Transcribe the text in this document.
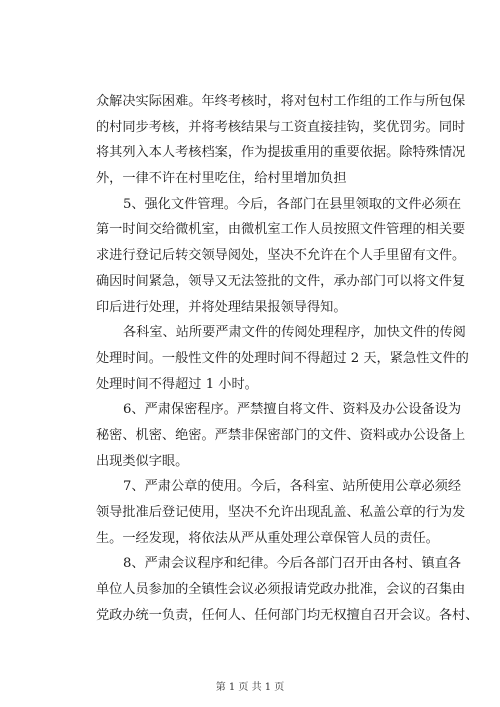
众解决实际困难。年终考核时，将对包村工作组的工作与所包保
的村同步考核，并将考核结果与工资直接挂钩，奖优罚劣。同时
将其列入本人考核档案，作为提拔重用的重要依据。除特殊情况
外，一律不许在村里吃住，给村里增加负担
5、强化文件管理。今后，各部门在县里领取的文件必须在
第一时间交给微机室，由微机室工作人员按照文件管理的相关要
求进行登记后转交领导阅处，坚决不允许在个人手里留有文件。
确因时间紧急，领导又无法签批的文件，承办部门可以将文件复
印后进行处理，并将处理结果报领导得知。
各科室、站所要严肃文件的传阅处理程序，加快文件的传阅
处理时间。一般性文件的处理时间不得超过 2 天，紧急性文件的
处理时间不得超过 1 小时。
6、严肃保密程序。严禁擅自将文件、资料及办公设备设为
秘密、机密、绝密。严禁非保密部门的文件、资料或办公设备上
出现类似字眼。
7、严肃公章的使用。今后，各科室、站所使用公章必须经
领导批准后登记使用，坚决不允许出现乱盖、私盖公章的行为发
生。一经发现，将依法从严从重处理公章保管人员的责任。
8、严肃会议程序和纪律。今后各部门召开由各村、镇直各
单位人员参加的全镇性会议必须报请党政办批准，会议的召集由
党政办统一负责，任何人、任何部门均无权擅自召开会议。各村、
第 1 页 共 1 页
